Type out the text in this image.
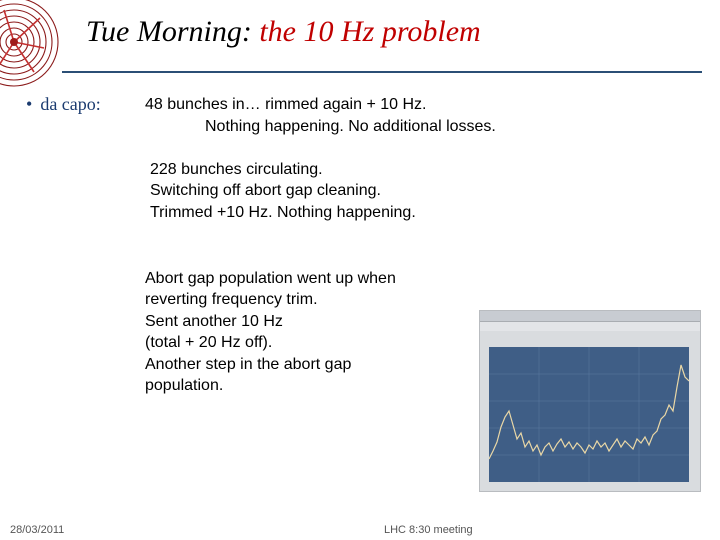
Tue Morning: the 10 Hz problem
• da capo:	48 bunches in… rimmed again + 10 Hz.
Nothing happening. No additional losses.
228 bunches circulating.
Switching off abort gap cleaning.
Trimmed +10 Hz. Nothing happening.
Abort gap population went up when
reverting frequency trim.
Sent another 10 Hz
(total + 20 Hz off).
Another step in the abort gap
population.
28/03/2011	LHC 8:30 meeting
